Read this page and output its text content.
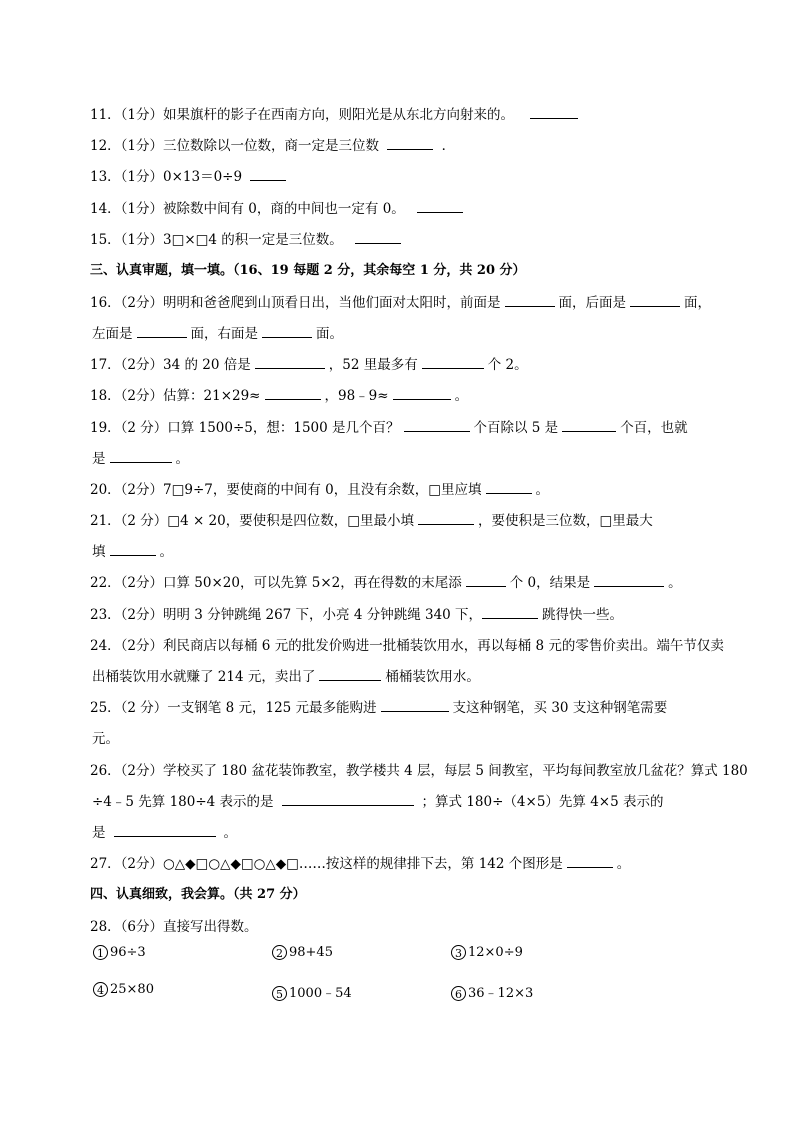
11．（1分）如果旗杆的影子在西南方向，则阳光是从东北方向射来的。
12．（1分）三位数除以一位数，商一定是三位数	．
13．（1分）0×13＝0÷9
14．（1分）被除数中间有 0，商的中间也一定有 0。
15．（1分）3□×□4 的积一定是三位数。
三、认真审题，填一填。（16、19 每题 2 分，其余每空 1 分，共 20 分）
16．（2分）明明和爸爸爬到山顶看日出，当他们面对太阳时，前面是	面，后面是	面，
左面是	面，右面是	面。
17．（2分）34 的 20 倍是	，52 里最多有	个 2。
18．（2分）估算：21×29≈	，98﹣9≈	。
19．（2 分）口算 1500÷5，想：1500 是几个百？	个百除以 5 是	个百，也就
是	。
20．（2分）7□9÷7，要使商的中间有 0，且没有余数，□里应填	。
21．（2 分）□4 × 20，要使积是四位数，□里最小填	，要使积是三位数，□里最大
填	。
22．（2分）口算 50×20，可以先算 5×2，再在得数的末尾添	个 0，结果是	。
23．（2分）明明 3 分钟跳绳 267 下，小亮 4 分钟跳绳 340 下，	跳得快一些。
24．（2分）利民商店以每桶 6 元的批发价购进一批桶装饮用水，再以每桶 8 元的零售价卖出。端午节仅卖
出桶装饮用水就赚了 214 元，卖出了	桶桶装饮用水。
25．（2 分）一支钢笔 8 元，125 元最多能购进	支这种钢笔，买 30 支这种钢笔需要
元。
26．（2分）学校买了 180 盆花装饰教室，教学楼共 4 层，每层 5 间教室，平均每间教室放几盆花？算式 180
÷4﹣5 先算 180÷4 表示的是	；算式 180÷（4×5）先算 4×5 表示的
是	。
27．（2分）○△◆□○△◆□○△◆□……按这样的规律排下去，第 142 个图形是	。
四、认真细致，我会算。（共 27 分）
28．（6分）直接写出得数。
1 96÷3	2 98+45	3 12×0÷9
4 25×80	5 1000﹣54	6 36﹣12×3
